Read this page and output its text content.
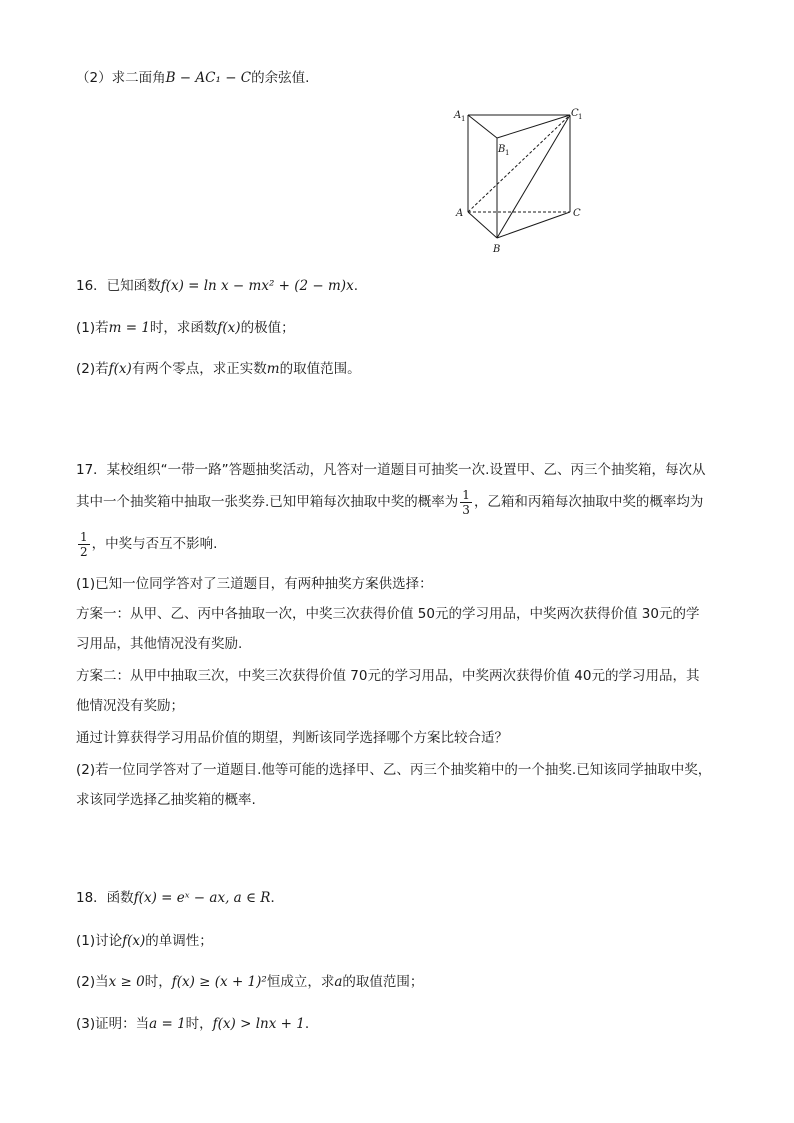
（2）求二面角B − AC₁ − C的余弦值.
A 1
B 1
C 1
A	C
B
16．已知函数f(x) = ln x − mx² + (2 − m)x.
(1)若m = 1时，求函数f(x)的极值；
(2)若f(x)有两个零点，求正实数m的取值范围。
17．某校组织“一带一路”答题抽奖活动，凡答对一道题目可抽奖一次.设置甲、乙、丙三个抽奖箱，每次从
其中一个抽奖箱中抽取一张奖券.已知甲箱每次抽取中奖的概率为 $\frac{1}{3}$ ，乙箱和丙箱每次抽取中奖的概率均为
$\frac{1}{2}$ ，中奖与否互不影响.
(1)已知一位同学答对了三道题目，有两种抽奖方案供选择：
方案一：从甲、乙、丙中各抽取一次，中奖三次获得价值 50元的学习用品，中奖两次获得价值 30元的学
习用品，其他情况没有奖励.
方案二：从甲中抽取三次，中奖三次获得价值 70元的学习用品，中奖两次获得价值 40元的学习用品，其
他情况没有奖励；
通过计算获得学习用品价值的期望，判断该同学选择哪个方案比较合适？
(2)若一位同学答对了一道题目.他等可能的选择甲、乙、丙三个抽奖箱中的一个抽奖.已知该同学抽取中奖，
求该同学选择乙抽奖箱的概率.
18．函数f(x) = eˣ − ax, a ∈ R．
(1)讨论f(x)的单调性；
(2)当x ≥ 0时，f(x) ≥ (x + 1)²恒成立，求a的取值范围；
(3)证明：当a = 1时，f(x) > lnx + 1.
